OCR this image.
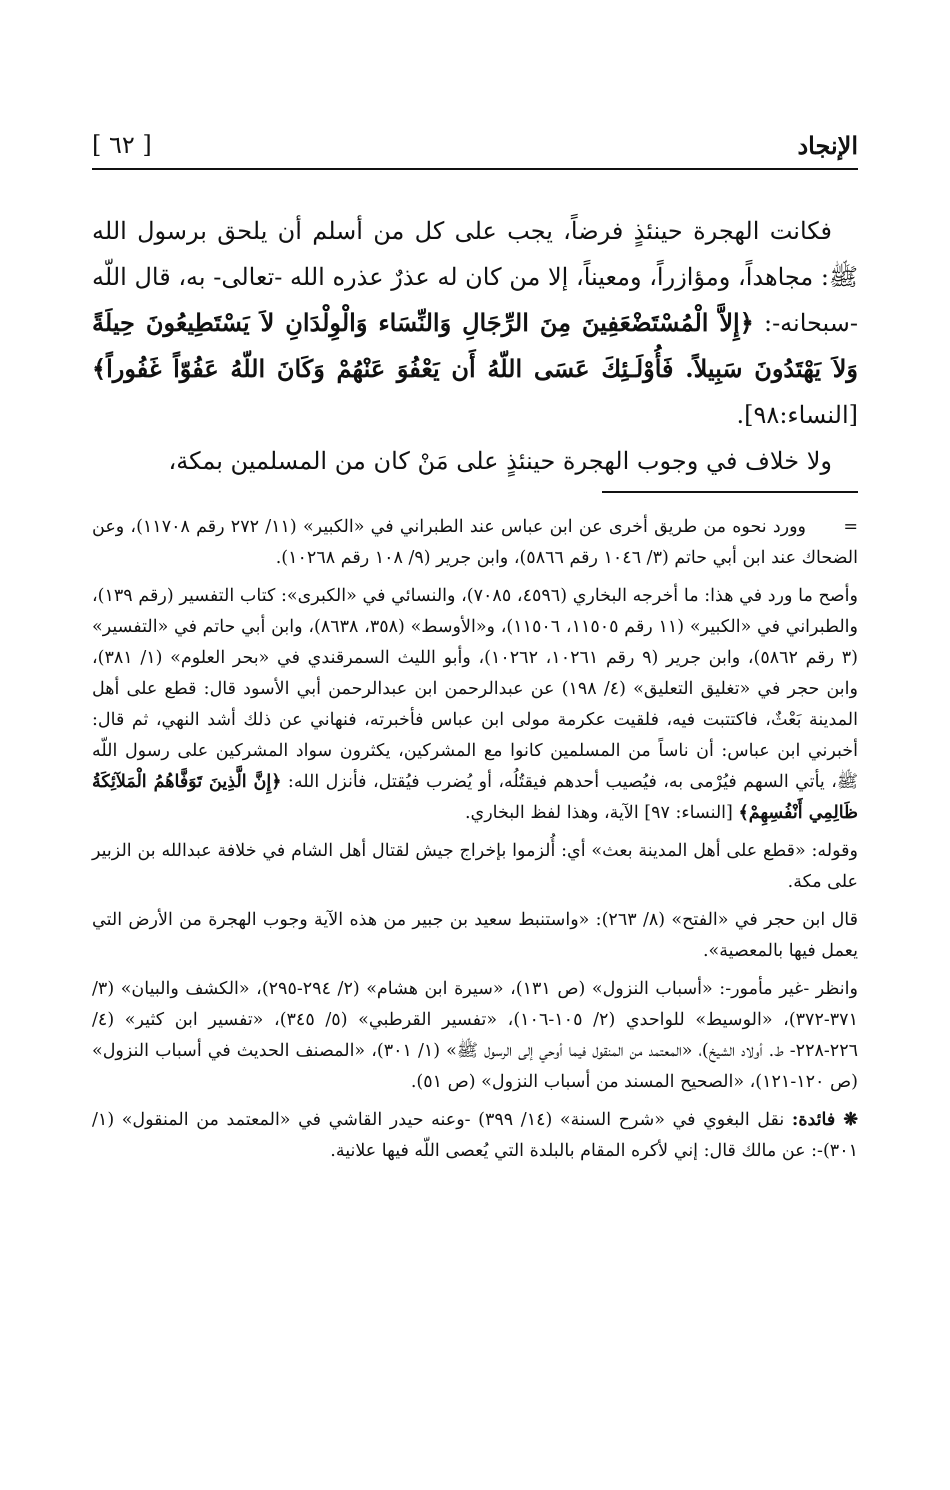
الإنجاد
[ ٦٢ ]

فكانت الهجرة حينئذٍ فرضاً، يجب على كل من أسلم أن يلحق برسول الله ﷺ: مجاهداً، ومؤازراً، ومعيناً، إلا من كان له عذرٌ عذره الله -تعالى- به، قال اللّه -سبحانه-: ﴿إِلاَّ الْمُسْتَضْعَفِينَ مِنَ الرِّجَالِ وَالنِّسَاء وَالْوِلْدَانِ لاَ يَسْتَطِيعُونَ حِيلَةً وَلاَ يَهْتَدُونَ سَبِيلاً. فَأُوْلَـئِكَ عَسَى اللّهُ أَن يَعْفُوَ عَنْهُمْ وَكَانَ اللّهُ عَفُوّاً غَفُوراً﴾[النساء:٩٨].

ولا خلاف في وجوب الهجرة حينئذٍ على مَنْ كان من المسلمين بمكة،

=وورد نحوه من طريق أخرى عن ابن عباس عند الطبراني في «الكبير» (١١/ ٢٧٢ رقم ١١٧٠٨)، وعن الضحاك عند ابن أبي حاتم (٣/ ١٠٤٦ رقم ٥٨٦٦)، وابن جرير (٩/ ١٠٨ رقم ١٠٢٦٨).

وأصح ما ورد في هذا: ما أخرجه البخاري (٤٥٩٦، ٧٠٨٥)، والنسائي في «الكبرى»: كتاب التفسير (رقم ١٣٩)، والطبراني في «الكبير» (١١ رقم ١١٥٠٥، ١١٥٠٦)، و«الأوسط» (٣٥٨، ٨٦٣٨)، وابن أبي حاتم في «التفسير» (٣ رقم ٥٨٦٢)، وابن جرير (٩ رقم ١٠٢٦١، ١٠٢٦٢)، وأبو الليث السمرقندي في «بحر العلوم» (١/ ٣٨١)، وابن حجر في «تغليق التعليق» (٤/ ١٩٨) عن عبدالرحمن ابن عبدالرحمن أبي الأسود قال: قطع على أهل المدينة بَعْثٌ، فاكتتبت فيه، فلقيت عكرمة مولى ابن عباس فأخبرته، فنهاني عن ذلك أشد النهي، ثم قال: أخبرني ابن عباس: أن ناساً من المسلمين كانوا مع المشركين، يكثرون سواد المشركين على رسول اللّه ﷺ، يأتي السهم فيُرْمى به، فيُصيب أحدهم فيقتُلُه، أو يُضرب فيُقتل، فأنزل الله: ﴿إِنَّ الَّذِينَ تَوَفَّاهُمُ الْمَلآئِكَةُ ظَالِمِي أَنْفُسِهِمْ﴾ [النساء: ٩٧] الآية، وهذا لفظ البخاري.

وقوله: «قطع على أهل المدينة بعث» أي: أُلزموا بإخراج جيش لقتال أهل الشام في خلافة عبدالله بن الزبير على مكة.

قال ابن حجر في «الفتح» (٨/ ٢٦٣): «واستنبط سعيد بن جبير من هذه الآية وجوب الهجرة من الأرض التي يعمل فيها بالمعصية».

وانظر -غير مأمور-: «أسباب النزول» (ص ١٣١)، «سيرة ابن هشام» (٢/ ٢٩٤-٢٩٥)، «الكشف والبيان» (٣/ ٣٧١-٣٧٢)، «الوسيط» للواحدي (٢/ ١٠٥-١٠٦)، «تفسير القرطبي» (٥/ ٣٤٥)، «تفسير ابن كثير» (٤/ ٢٢٦-٢٢٨- ط. أولاد الشيخ)، «المعتمد من المنقول فيما أوحي إلى الرسول ﷺ» (١/ ٣٠١)، «المصنف الحديث في أسباب النزول» (ص ١٢٠-١٢١)، «الصحيح المسند من أسباب النزول» (ص ٥١).

❋ فائدة: نقل البغوي في «شرح السنة» (١٤/ ٣٩٩) -وعنه حيدر القاشي في «المعتمد من المنقول» (١/ ٣٠١)-: عن مالك قال: إني لأكره المقام بالبلدة التي يُعصى اللّه فيها علانية.
